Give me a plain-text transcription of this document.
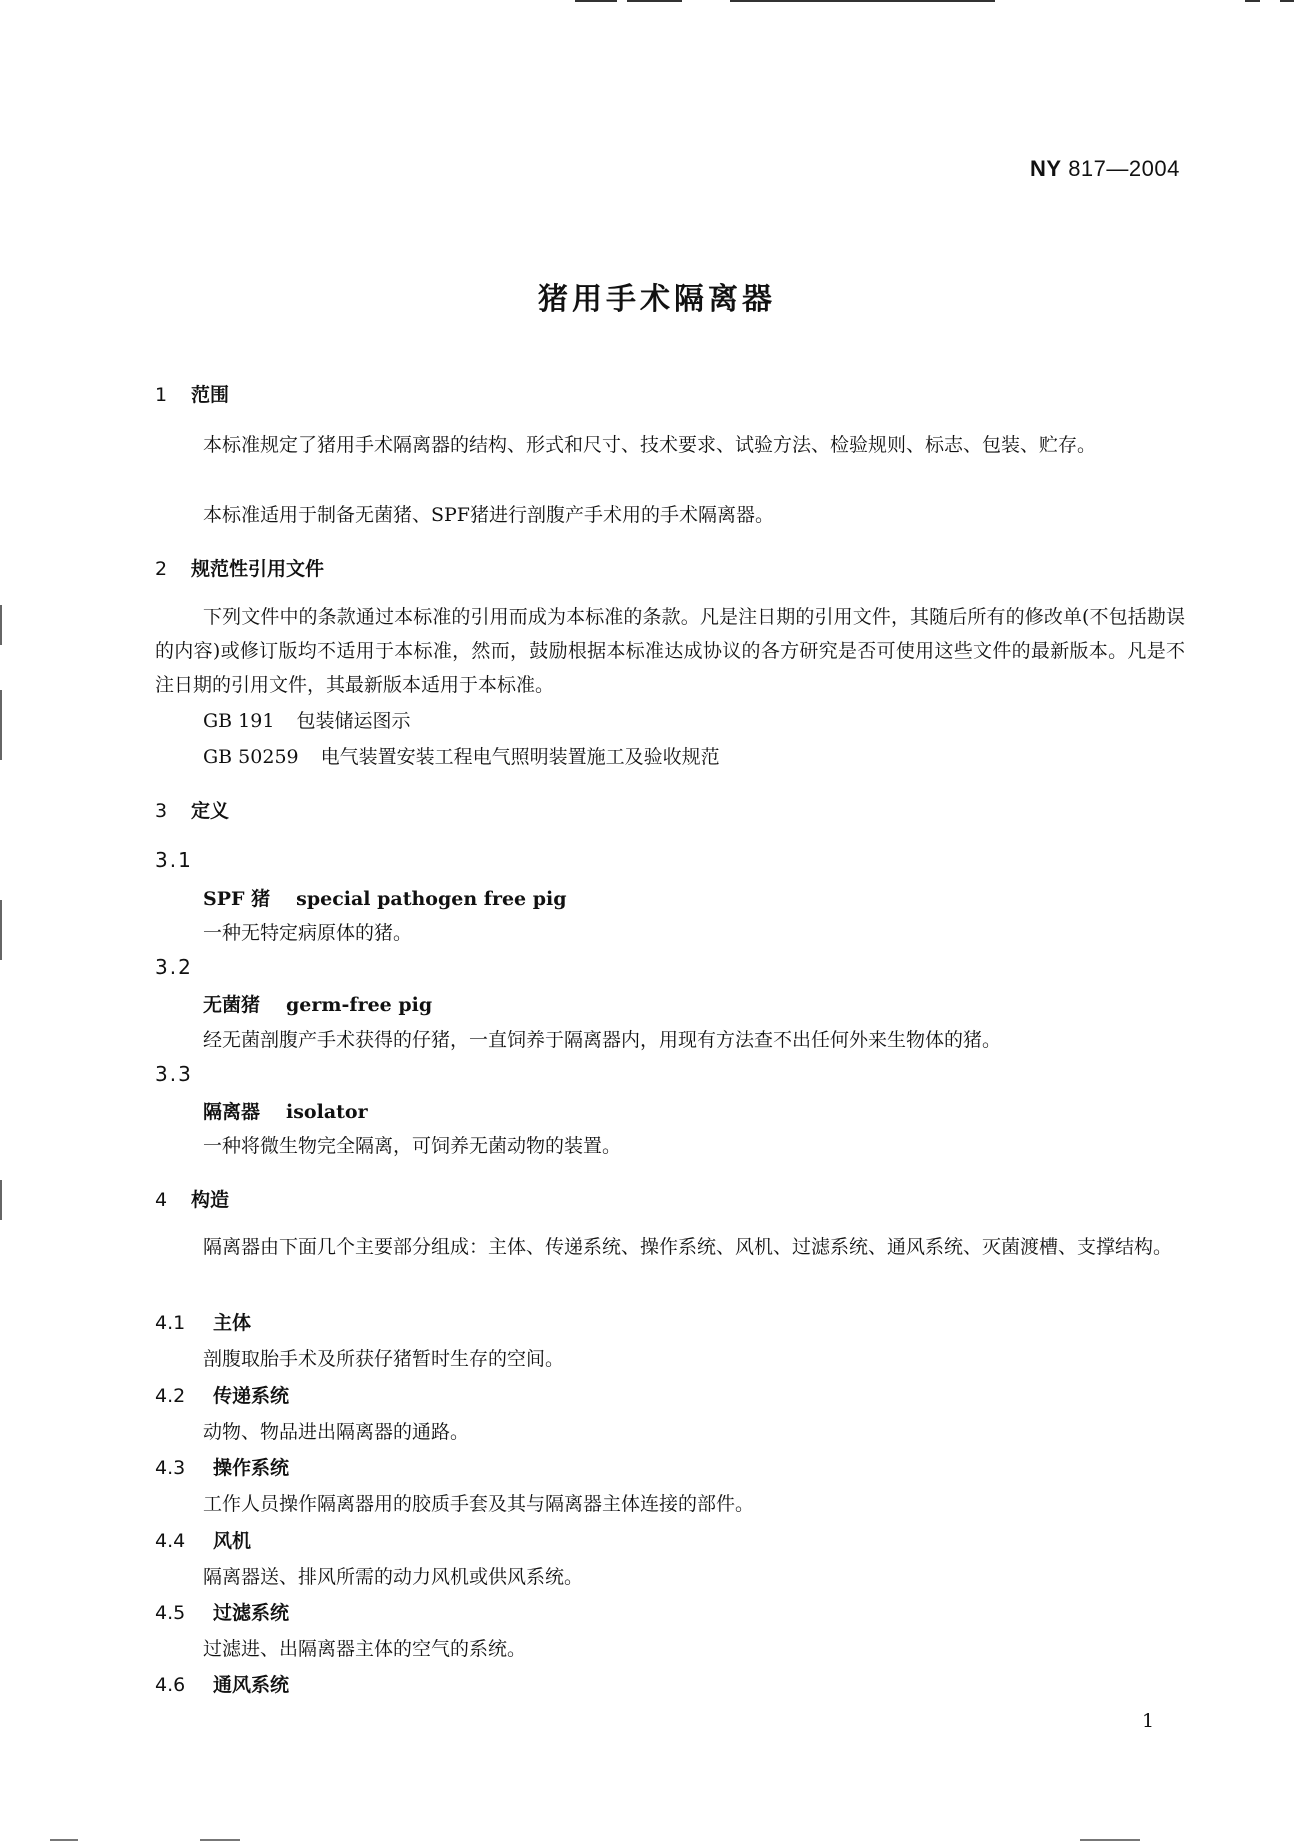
NY 817—2004
猪用手术隔离器
1 范围
本标准规定了猪用手术隔离器的结构、形式和尺寸、技术要求、试验方法、检验规则、标志、包装、贮存。
本标准适用于制备无菌猪、SPF猪进行剖腹产手术用的手术隔离器。
2 规范性引用文件
下列文件中的条款通过本标准的引用而成为本标准的条款。凡是注日期的引用文件，其随后所有的修改单(不包括勘误的内容)或修订版均不适用于本标准，然而，鼓励根据本标准达成协议的各方研究是否可使用这些文件的最新版本。凡是不注日期的引用文件，其最新版本适用于本标准。
GB 191 包装储运图示
GB 50259 电气装置安装工程电气照明装置施工及验收规范
3 定义
3.1
SPF 猪 special pathogen free pig
一种无特定病原体的猪。
3.2
无菌猪 germ-free pig
经无菌剖腹产手术获得的仔猪，一直饲养于隔离器内，用现有方法查不出任何外来生物体的猪。
3.3
隔离器 isolator
一种将微生物完全隔离，可饲养无菌动物的装置。
4 构造
隔离器由下面几个主要部分组成：主体、传递系统、操作系统、风机、过滤系统、通风系统、灭菌渡槽、支撑结构。
4.1 主体
剖腹取胎手术及所获仔猪暂时生存的空间。
4.2 传递系统
动物、物品进出隔离器的通路。
4.3 操作系统
工作人员操作隔离器用的胶质手套及其与隔离器主体连接的部件。
4.4 风机
隔离器送、排风所需的动力风机或供风系统。
4.5 过滤系统
过滤进、出隔离器主体的空气的系统。
4.6 通风系统
1
